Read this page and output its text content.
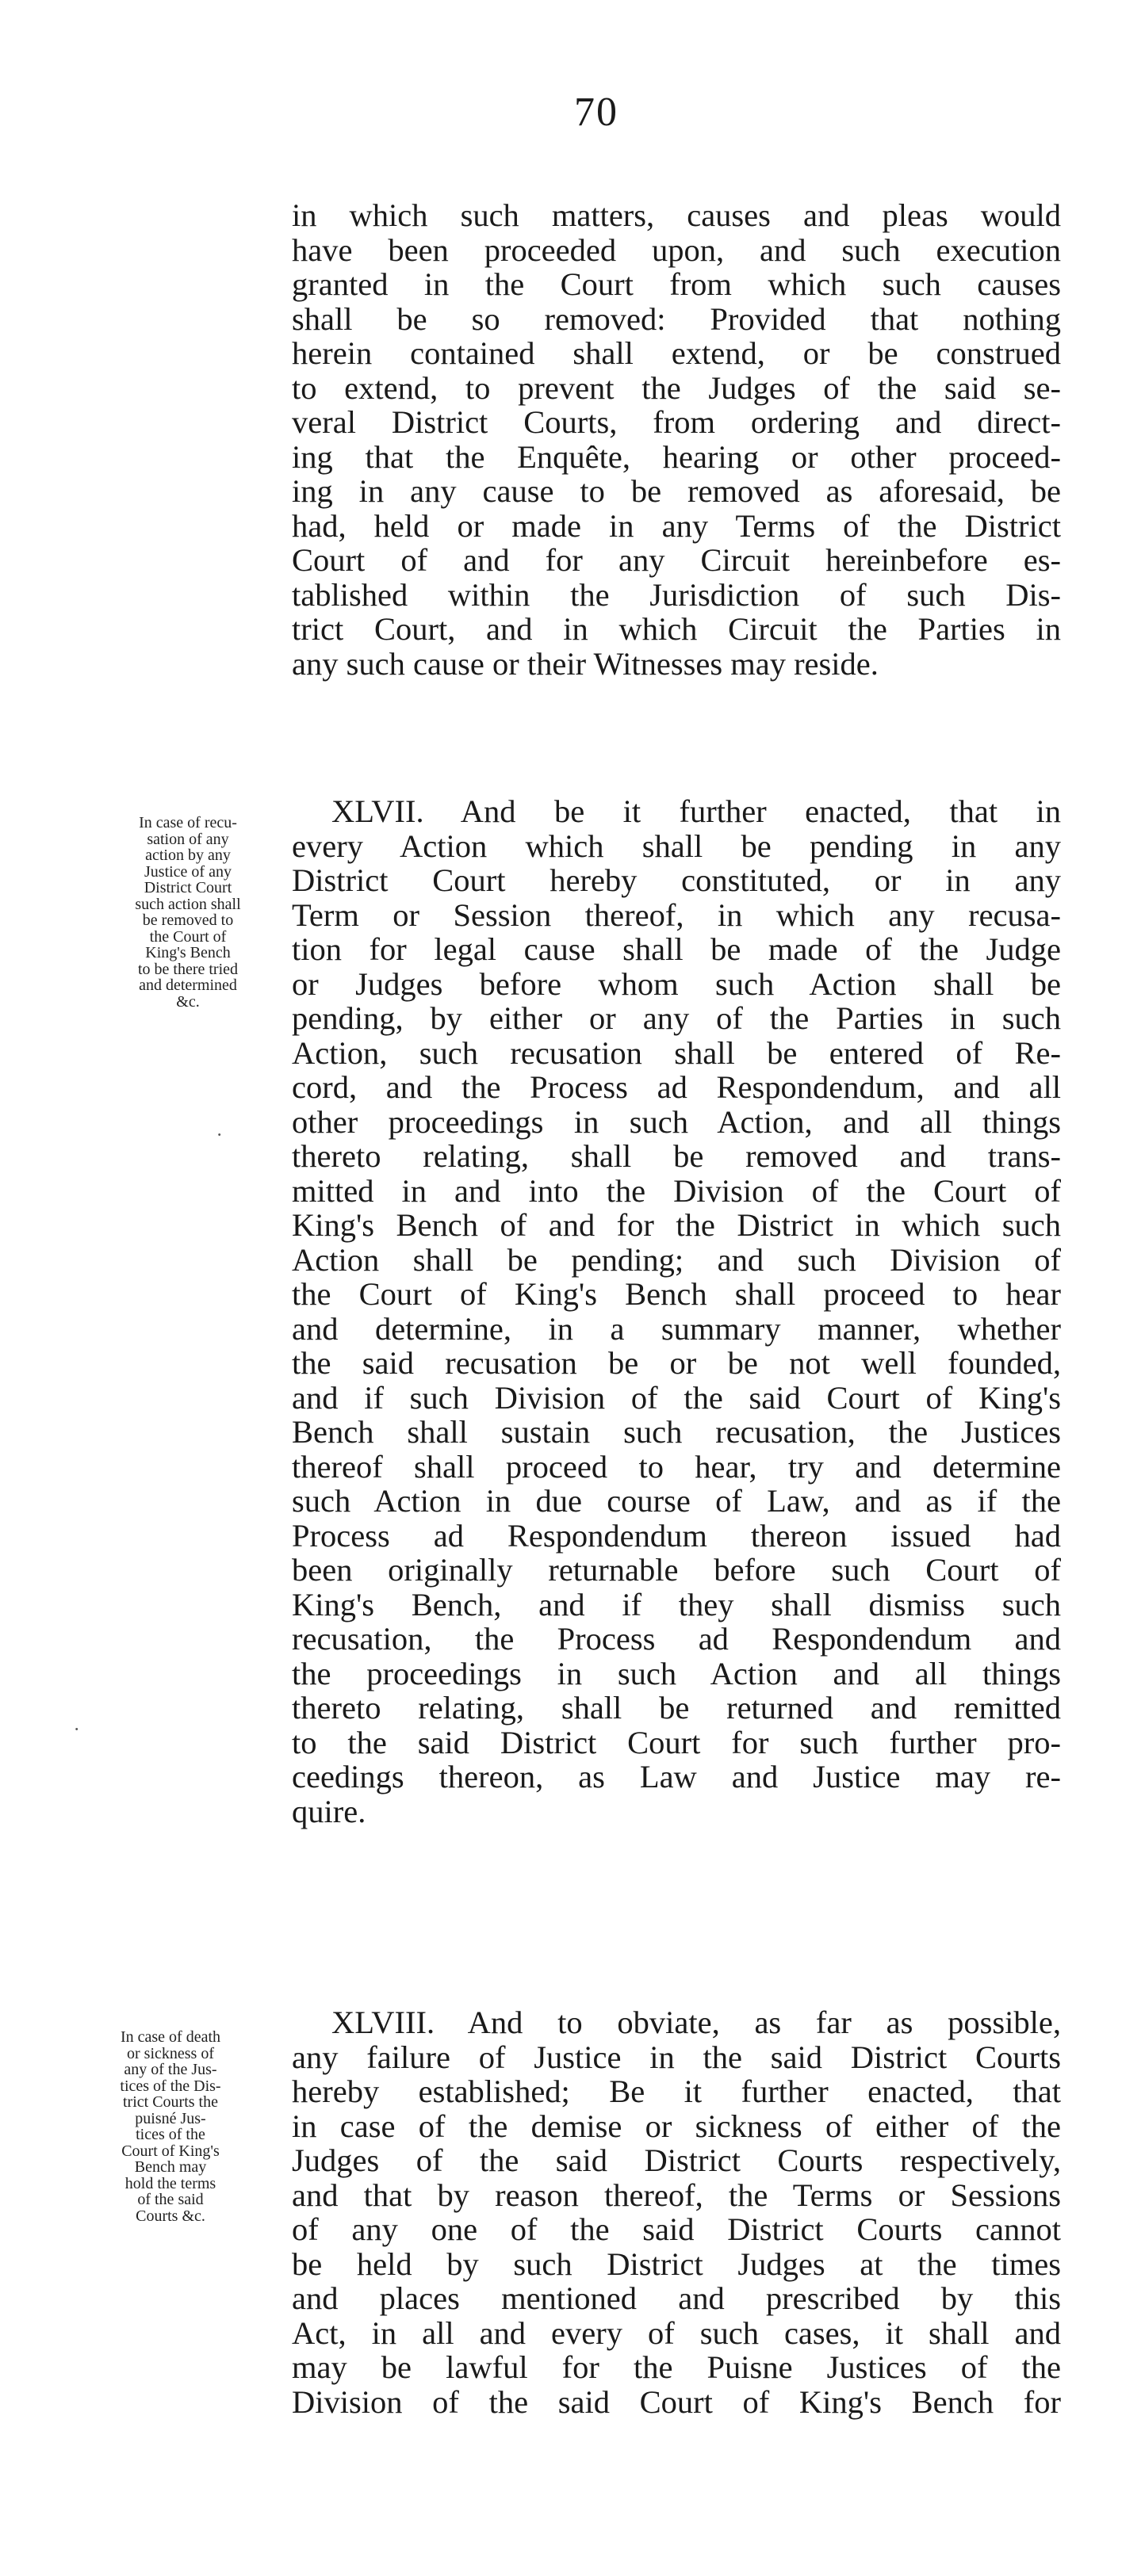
70
in which such matters, causes and pleas would
have been proceeded upon, and such execution
granted in the Court from which such causes
shall be so removed: Provided that nothing
herein contained shall extend, or be construed
to extend, to prevent the Judges of the said se-
veral District Courts, from ordering and direct-
ing that the Enquête, hearing or other proceed-
ing in any cause to be removed as aforesaid, be
had, held or made in any Terms of the District
Court of and for any Circuit hereinbefore es-
tablished within the Jurisdiction of such Dis-
trict Court, and in which Circuit the Parties in
any such cause or their Witnesses may reside.
In case of recu-
sation of any
action by any
Justice of any
District Court
such action shall
be removed to
the Court of
King's Bench
to be there tried
and determined
&c.
XLVII. And be it further enacted, that in
every Action which shall be pending in any
District Court hereby constituted, or in any
Term or Session thereof, in which any recusa-
tion for legal cause shall be made of the Judge
or Judges before whom such Action shall be
pending, by either or any of the Parties in such
Action, such recusation shall be entered of Re-
cord, and the Process ad Respondendum, and all
other proceedings in such Action, and all things
thereto relating, shall be removed and trans-
mitted in and into the Division of the Court of
King's Bench of and for the District in which such
Action shall be pending; and such Division of
the Court of King's Bench shall proceed to hear
and determine, in a summary manner, whether
the said recusation be or be not well founded,
and if such Division of the said Court of King's
Bench shall sustain such recusation, the Justices
thereof shall proceed to hear, try and determine
such Action in due course of Law, and as if the
Process ad Respondendum thereon issued had
been originally returnable before such Court of
King's Bench, and if they shall dismiss such
recusation, the Process ad Respondendum and
the proceedings in such Action and all things
thereto relating, shall be returned and remitted
to the said District Court for such further pro-
ceedings thereon, as Law and Justice may re-
quire.
In case of death
or sickness of
any of the Jus-
tices of the Dis-
trict Courts the
puisné Jus-
tices of the
Court of King's
Bench may
hold the terms
of the said
Courts &c.
XLVIII. And to obviate, as far as possible,
any failure of Justice in the said District Courts
hereby established; Be it further enacted, that
in case of the demise or sickness of either of the
Judges of the said District Courts respectively,
and that by reason thereof, the Terms or Sessions
of any one of the said District Courts cannot
be held by such District Judges at the times
and places mentioned and prescribed by this
Act, in all and every of such cases, it shall and
may be lawful for the Puisne Justices of the
Division of the said Court of King's Bench for
˙
˙
